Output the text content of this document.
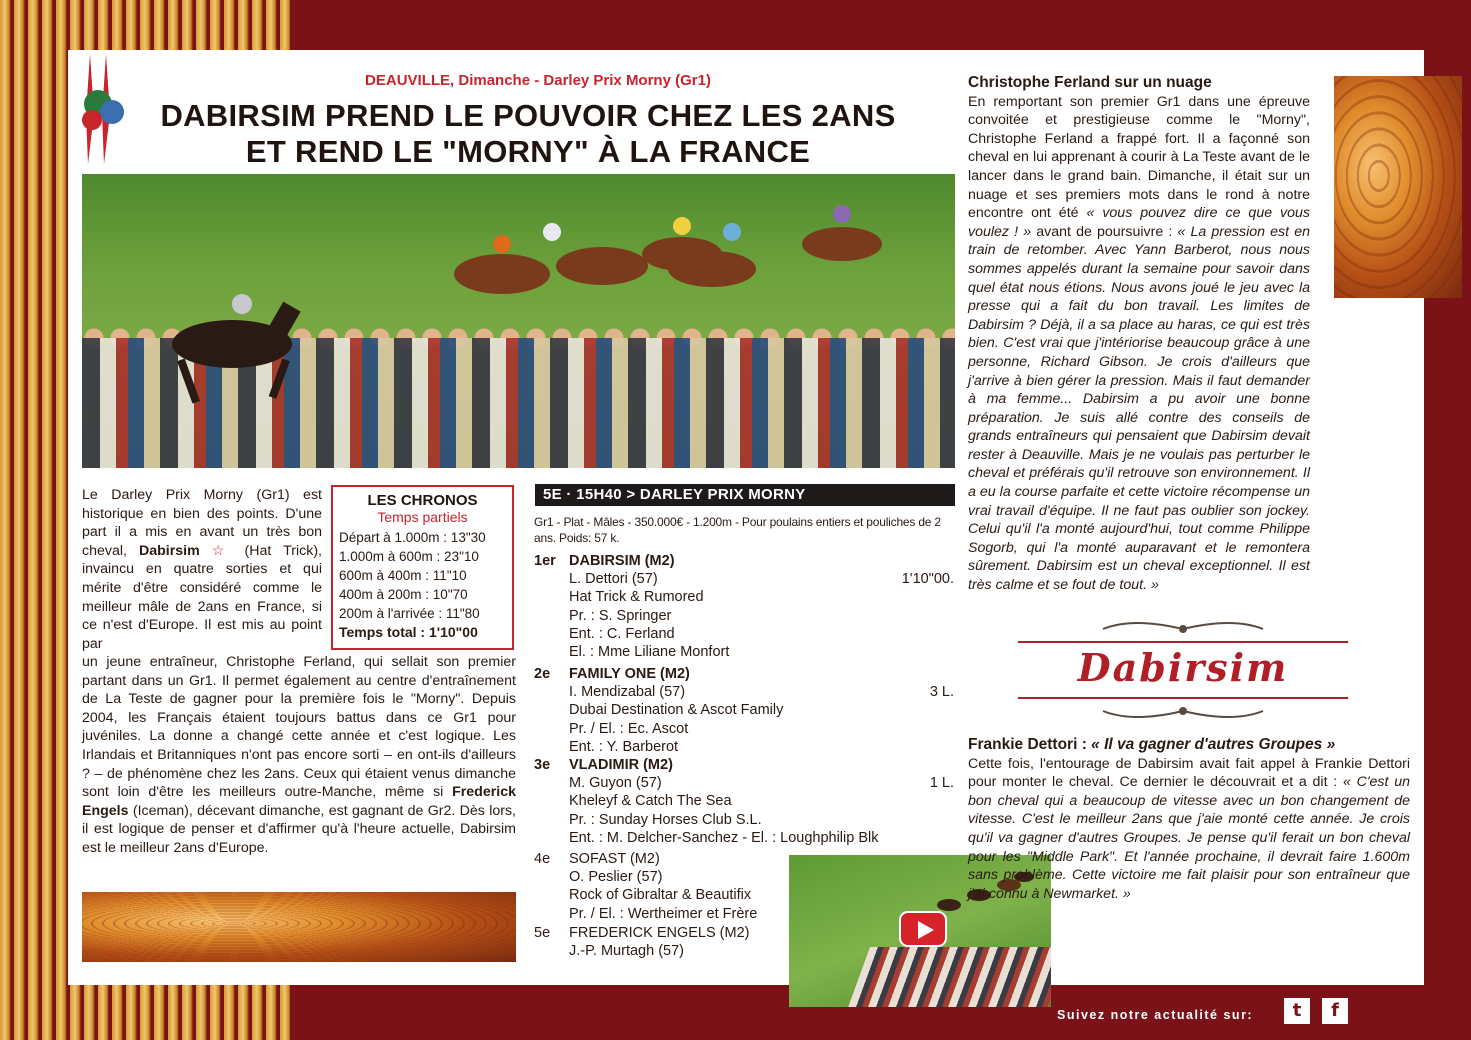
DEAUVILLE, Dimanche - Darley Prix Morny (Gr1)
DABIRSIM PREND LE POUVOIR CHEZ LES 2ANS
ET REND LE "MORNY" À LA FRANCE
Le Darley Prix Morny (Gr1) est historique en bien des points. D'une part il a mis en avant un très bon cheval, Dabirsim ☆ (Hat Trick), invaincu en quatre sorties et qui mérite d'être considéré comme le meilleur mâle de 2ans en France, si ce n'est d'Europe. Il est mis au point par
LES CHRONOS
Temps partiels
Départ à 1.000m : 13"30
1.000m à 600m : 23"10
600m à 400m : 11"10
400m à 200m : 10"70
200m à l'arrivée : 11"80
Temps total : 1'10"00
un jeune entraîneur, Christophe Ferland, qui sellait son premier partant dans un Gr1. Il permet également au centre d'entraînement de La Teste de gagner pour la première fois le "Morny". Depuis 2004, les Français étaient toujours battus dans ce Gr1 pour juvéniles. La donne a changé cette année et c'est logique. Les Irlandais et Britanniques n'ont pas encore sorti – en ont-ils d'ailleurs ? – de phénomène chez les 2ans. Ceux qui étaient venus dimanche sont loin d'être les meilleurs outre-Manche, même si Frederick Engels (Iceman), décevant dimanche, est gagnant de Gr2. Dès lors, il est logique de penser et d'affirmer qu'à l'heure actuelle, Dabirsim est le meilleur 2ans d'Europe.
5E · 15H40 > DARLEY PRIX MORNY
Gr1 - Plat - Mâles - 350.000€ - 1.200m - Pour poulains entiers et pouliches de 2 ans. Poids: 57 k.
1er DABIRSIM (M2)
L. Dettori (57)	1'10"00.
Hat Trick & Rumored
Pr. : S. Springer
Ent. : C. Ferland
El. : Mme Liliane Monfort
2e FAMILY ONE (M2)
I. Mendizabal (57)	3 L.
Dubai Destination & Ascot Family
Pr. / El. : Ec. Ascot
Ent. : Y. Barberot
3e VLADIMIR (M2)
M. Guyon (57)	1 L.
Kheleyf & Catch The Sea
Pr. : Sunday Horses Club S.L.
Ent. : M. Delcher-Sanchez - El. : Loughphilip Blk
4e SOFAST (M2)
O. Peslier (57)
Rock of Gibraltar & Beautifix
Pr. / El. : Wertheimer et Frère
5e FREDERICK ENGELS (M2)
J.-P. Murtagh (57)
Christophe Ferland sur un nuage
En remportant son premier Gr1 dans une épreuve convoitée et prestigieuse comme le "Morny", Christophe Ferland a frappé fort. Il a façonné son cheval en lui apprenant à courir à La Teste avant de le lancer dans le grand bain. Dimanche, il était sur un nuage et ses premiers mots dans le rond à notre encontre ont été « vous pouvez dire ce que vous voulez ! » avant de poursuivre : « La pression est en train de retomber. Avec Yann Barberot, nous nous sommes appelés durant la semaine pour savoir dans quel état nous étions. Nous avons joué le jeu avec la presse qui a fait du bon travail. Les limites de Dabirsim ? Déjà, il a sa place au haras, ce qui est très bien. C'est vrai que j'intériorise beaucoup grâce à une personne, Richard Gibson. Je crois d'ailleurs que j'arrive à bien gérer la pression. Mais il faut demander à ma femme... Dabirsim a pu avoir une bonne préparation. Je suis allé contre des conseils de grands entraîneurs qui pensaient que Dabirsim devait rester à Deauville. Mais je ne voulais pas perturber le cheval et préférais qu'il retrouve son environnement. Il a eu la course parfaite et cette victoire récompense un vrai travail d'équipe. Il ne faut pas oublier son jockey. Celui qu'il l'a monté aujourd'hui, tout comme Philippe Sogorb, qui l'a monté auparavant et le remontera sûrement. Dabirsim est un cheval exceptionnel. Il est très calme et se fout de tout. »
Dabirsim
Frankie Dettori : « Il va gagner d'autres Groupes »
Cette fois, l'entourage de Dabirsim avait fait appel à Frankie Dettori pour monter le cheval. Ce dernier le découvrait et a dit : « C'est un bon cheval qui a beaucoup de vitesse avec un bon changement de vitesse. C'est le meilleur 2ans que j'aie monté cette année. Je crois qu'il va gagner d'autres Groupes. Je pense qu'il ferait un bon cheval pour les "Middle Park". Et l'année prochaine, il devrait faire 1.600m sans problème. Cette victoire me fait plaisir pour son entraîneur que j'ai connu à Newmarket. »
Suivez notre actualité sur:	t	f
